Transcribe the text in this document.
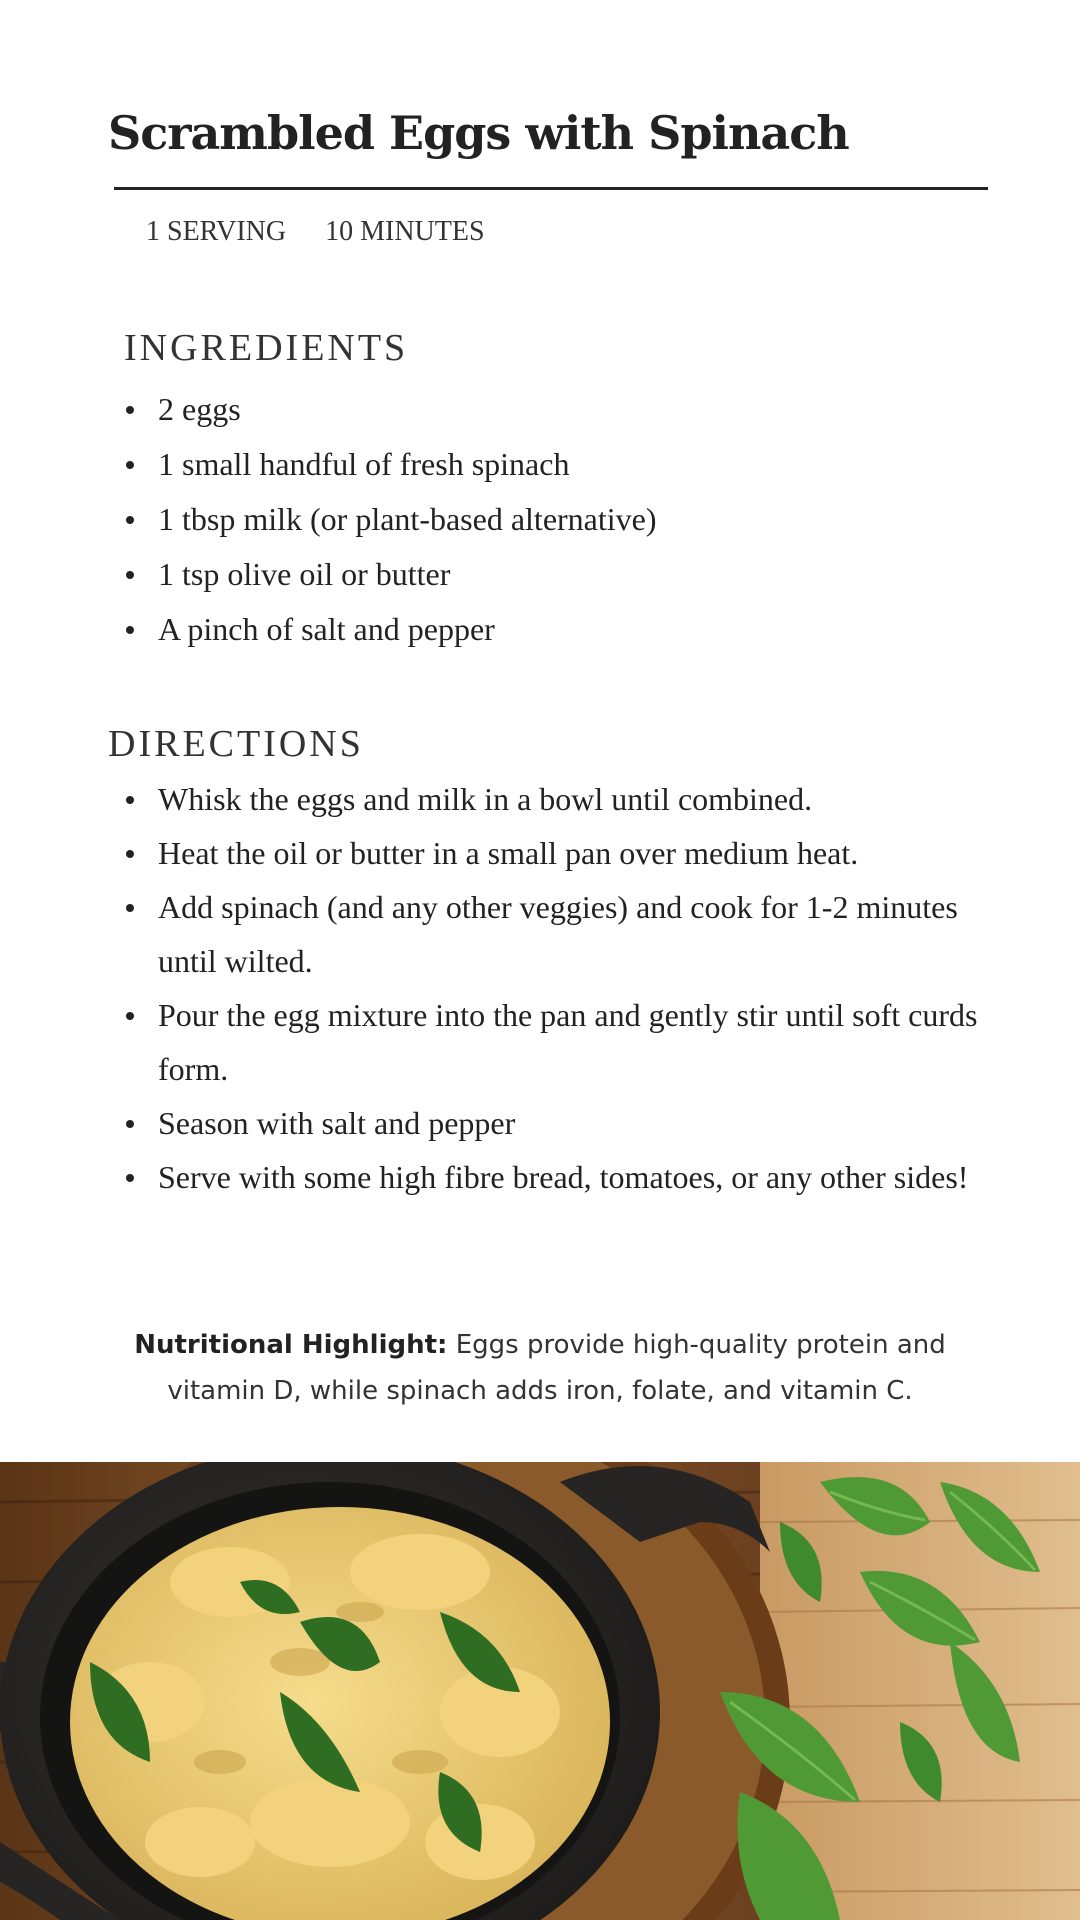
Scrambled Eggs with Spinach
1 SERVING 10 MINUTES
INGREDIENTS
2 eggs
1 small handful of fresh spinach
1 tbsp milk (or plant-based alternative)
1 tsp olive oil or butter
A pinch of salt and pepper
DIRECTIONS
Whisk the eggs and milk in a bowl until combined.
Heat the oil or butter in a small pan over medium heat.
Add spinach (and any other veggies) and cook for 1-2 minutes until wilted.
Pour the egg mixture into the pan and gently stir until soft curds form.
Season with salt and pepper
Serve with some high fibre bread, tomatoes, or any other sides!

Nutritional Highlight: Eggs provide high-quality protein and vitamin D, while spinach adds iron, folate, and vitamin C.
